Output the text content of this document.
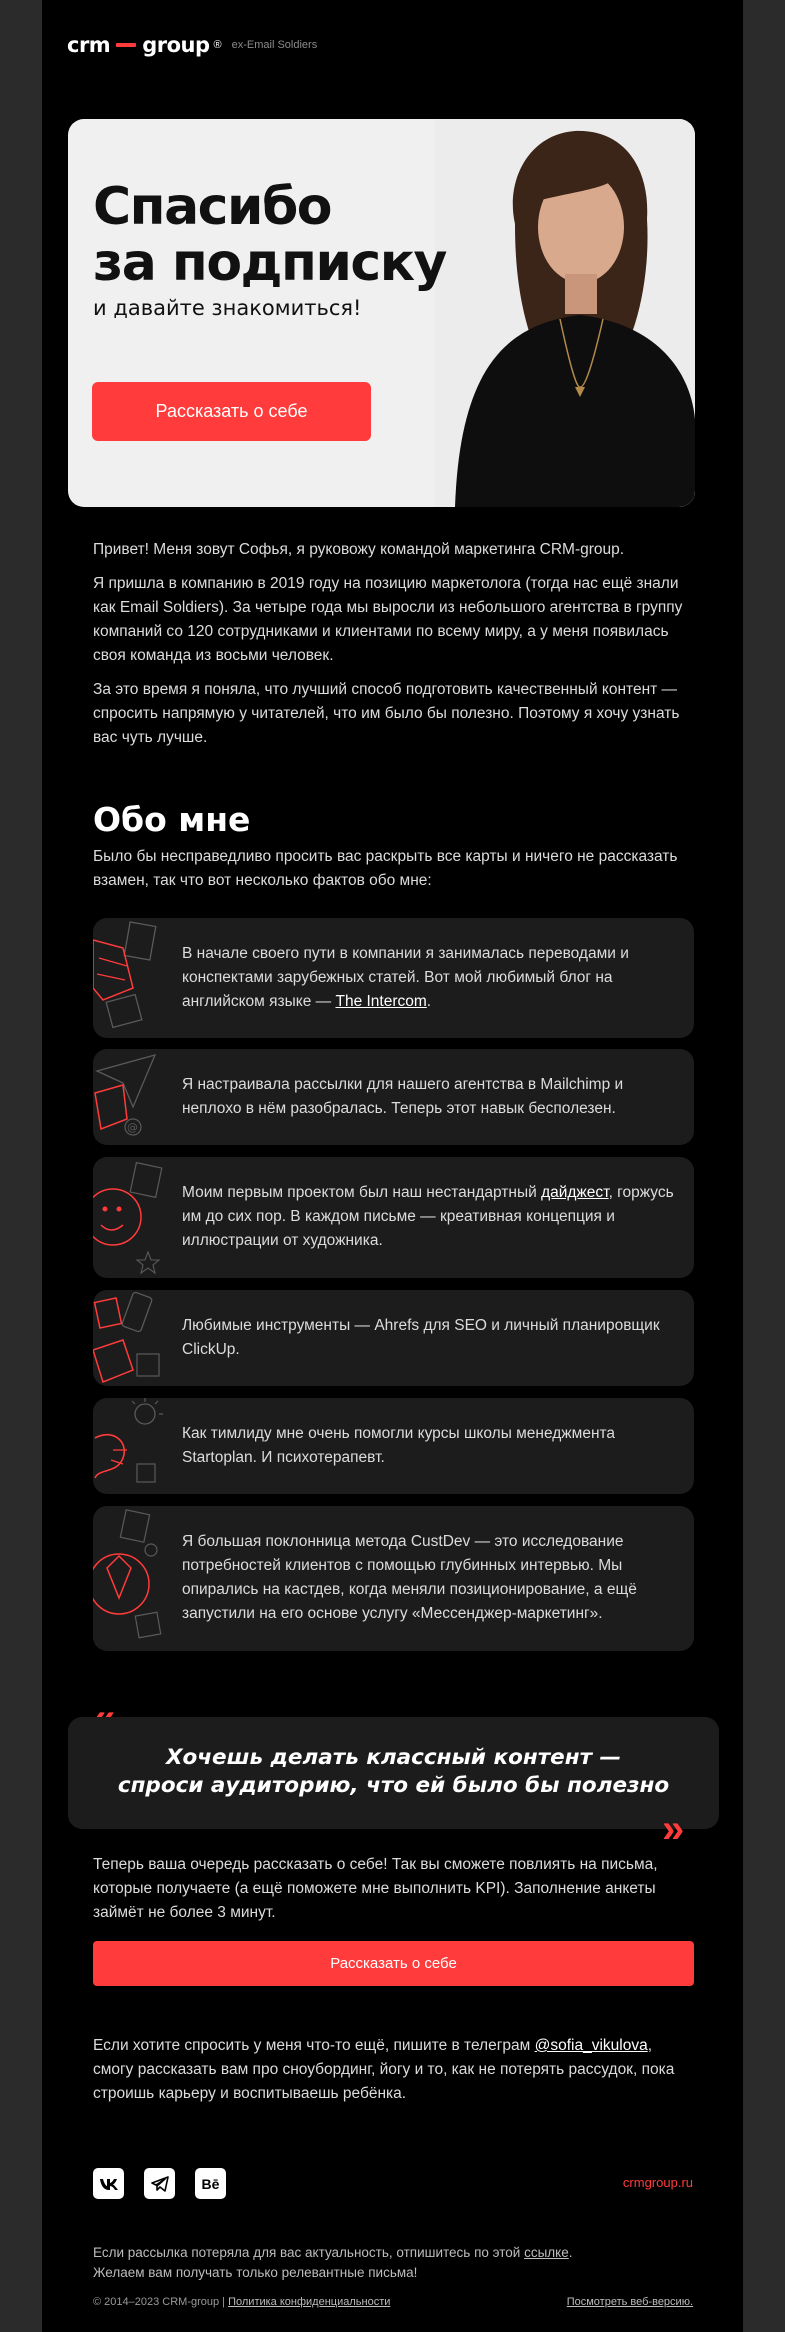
crm group ® ex-Email Soldiers
Спасибо
за подписку
и давайте знакомиться!
Рассказать о себе

Привет! Меня зовут Софья, я руковожу командой маркетинга CRM-group.

Я пришла в компанию в 2019 году на позицию маркетолога (тогда нас ещё знали как Email Soldiers). За четыре года мы выросли из небольшого агентства в группу компаний со 120 сотрудниками и клиентами по всему миру, а у меня появилась своя команда из восьми человек.

За это время я поняла, что лучший способ подготовить качественный контент — спросить напрямую у читателей, что им было бы полезно. Поэтому я хочу узнать вас чуть лучше.

Обо мне
Было бы несправедливо просить вас раскрыть все карты и ничего не рассказать взамен, так что вот несколько фактов обо мне:
В начале своего пути в компании я занималась переводами и конспектами зарубежных статей. Вот мой любимый блог на английском языке — The Intercom.
@
Я настраивала рассылки для нашего агентства в Mailchimp и неплохо в нём разобралась. Теперь этот навык бесполезен.
Моим первым проектом был наш нестандартный дайджест, горжусь им до сих пор. В каждом письме — креативная концепция и иллюстрации от художника.
Любимые инструменты — Ahrefs для SEO и личный планировщик ClickUp.
Как тимлиду мне очень помогли курсы школы менеджмента Startoplan. И психотерапевт.
Я большая поклонница метода CustDev — это исследование потребностей клиентов с помощью глубинных интервью. Мы опирались на кастдев, когда меняли позиционирование, а ещё запустили на его основе услугу «Мессенджер-маркетинг».
Хочешь делать классный контент —
спроси аудиторию, что ей было бы полезно
»
Теперь ваша очередь рассказать о себе! Так вы сможете повлиять на письма, которые получаете (а ещё поможете мне выполнить KPI). Заполнение анкеты займёт не более 3 минут.
Рассказать о себе
Если хотите спросить у меня что-то ещё, пишите в телеграм @sofia_vikulova, смогу рассказать вам про сноубординг, йогу и то, как не потерять рассудок, пока строишь карьеру и воспитываешь ребёнка.
Bē	crmgroup.ru
Если рассылка потеряла для вас актуальность, отпишитесь по этой ссылке.
Желаем вам получать только релевантные письма!
© 2014–2023 CRM-group | Политика конфиденциальности	Посмотреть веб-версию.
